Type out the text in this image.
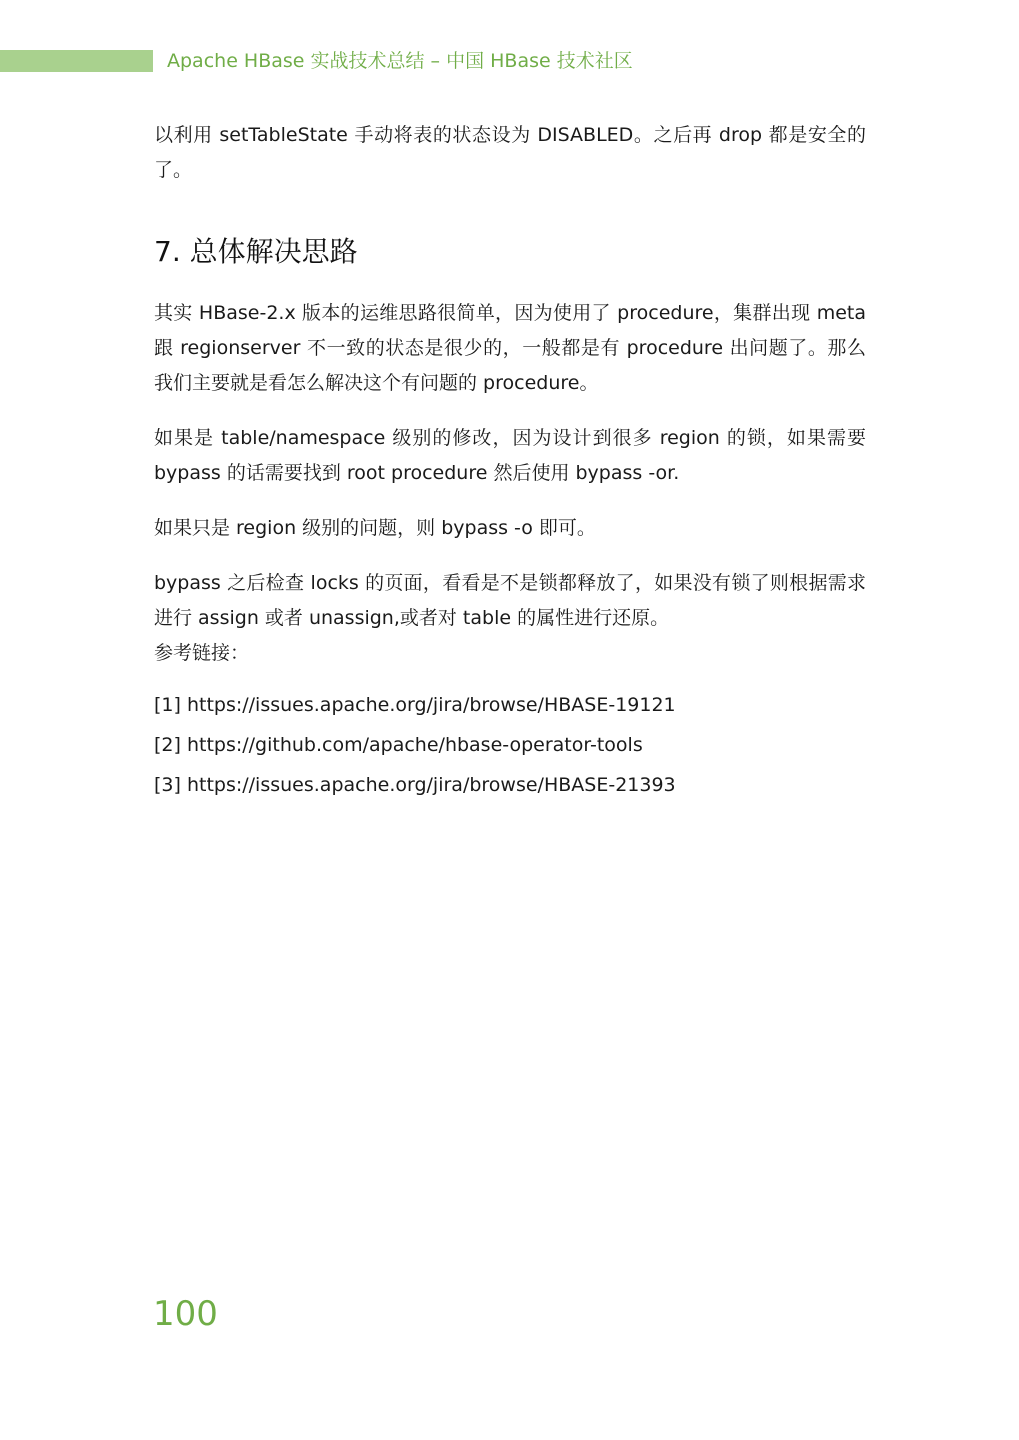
Apache HBase 实战技术总结 – 中国 HBase 技术社区

以利用 setTableState 手动将表的状态设为 DISABLED。之后再 drop 都是安全的了。

7. 总体解决思路

其实 HBase-2.x 版本的运维思路很简单，因为使用了 procedure，集群出现 meta 跟 regionserver 不一致的状态是很少的，一般都是有 procedure 出问题了。那么我们主要就是看怎么解决这个有问题的 procedure。

如果是 table/namespace 级别的修改，因为设计到很多 region 的锁，如果需要 bypass 的话需要找到 root procedure 然后使用 bypass -or.

如果只是 region 级别的问题，则 bypass -o 即可。

bypass 之后检查 locks 的页面，看看是不是锁都释放了，如果没有锁了则根据需求进行 assign 或者 unassign,或者对 table 的属性进行还原。

参考链接：

[1] https://issues.apache.org/jira/browse/HBASE-19121
[2] https://github.com/apache/hbase-operator-tools
[3] https://issues.apache.org/jira/browse/HBASE-21393
100
